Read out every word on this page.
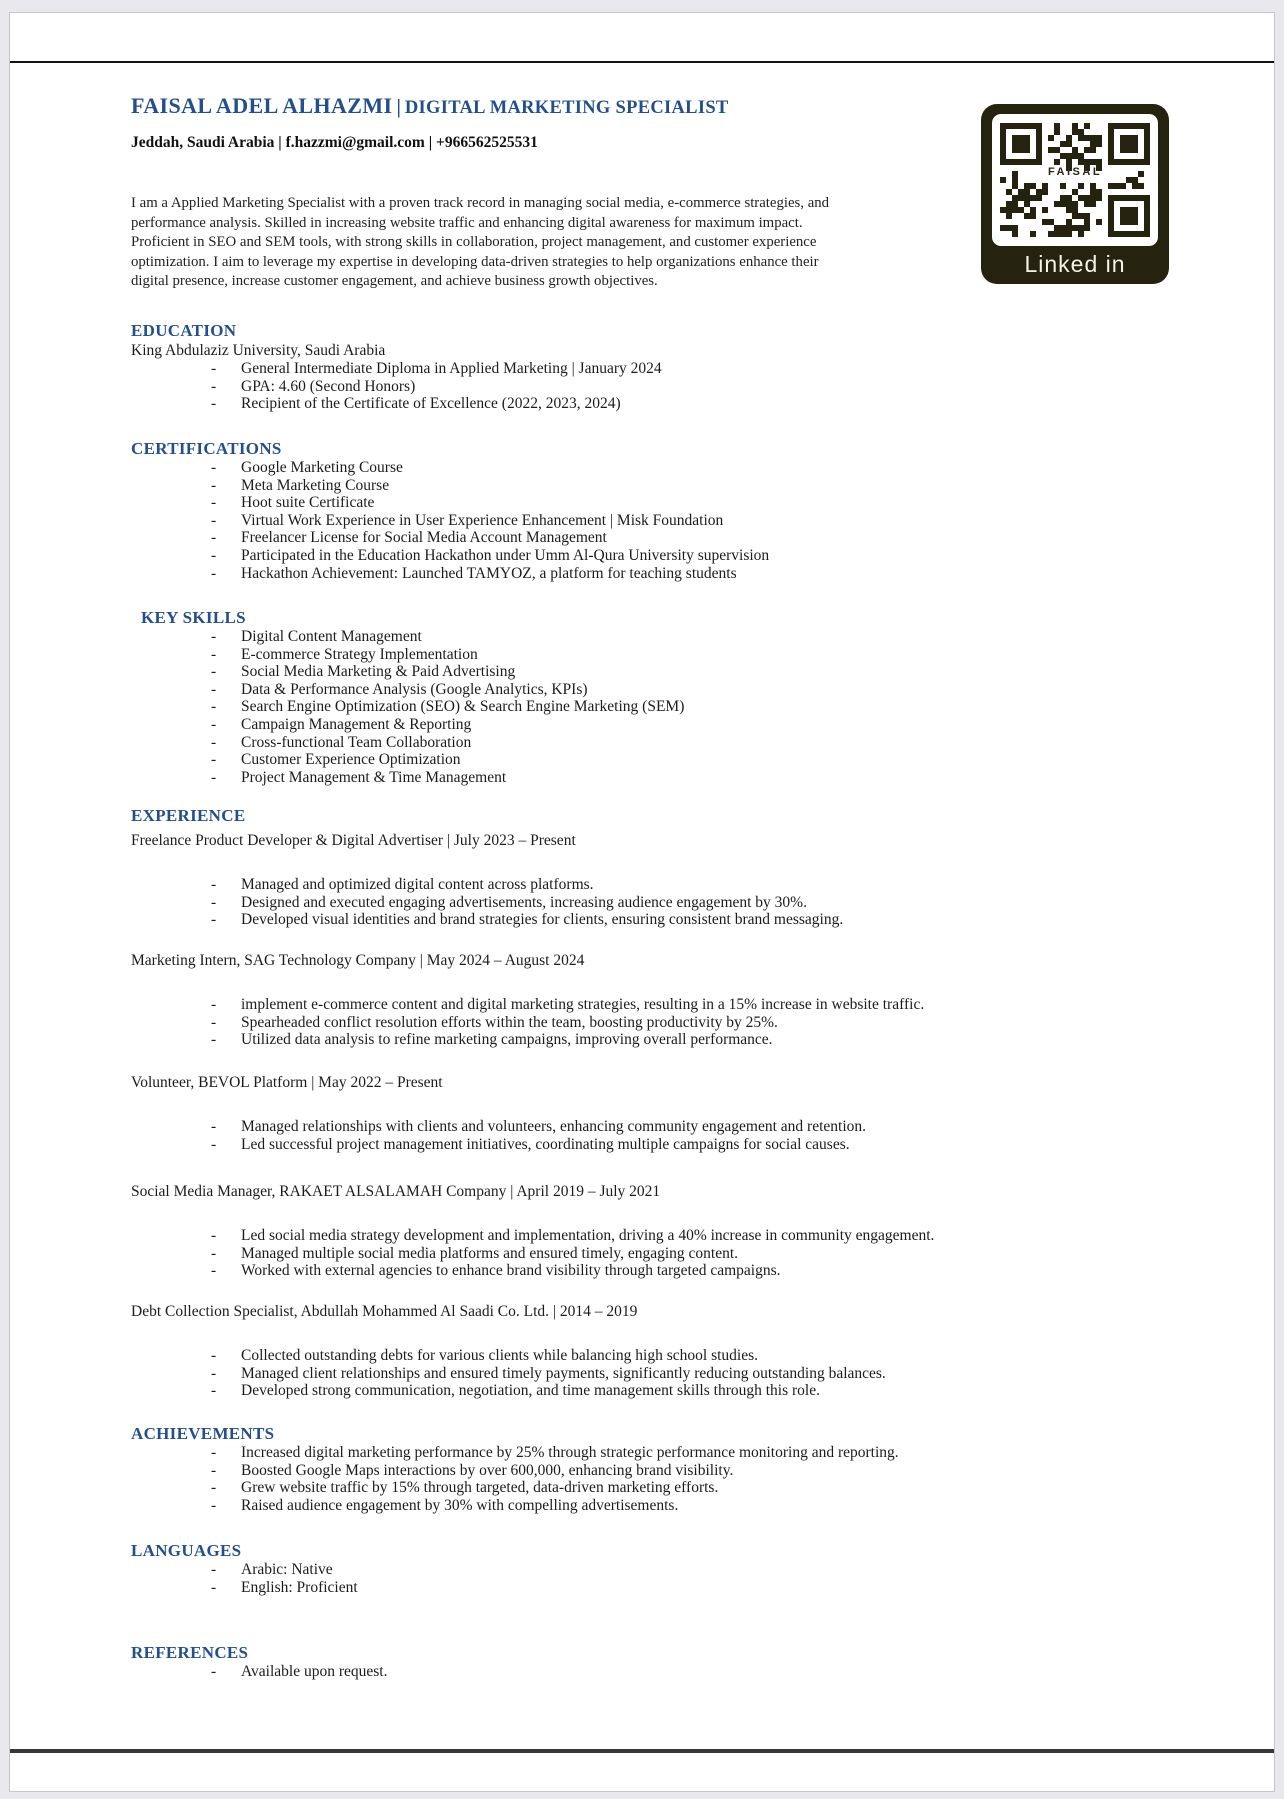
FAISAL ADEL ALHAZMI | DIGITAL MARKETING SPECIALIST
Jeddah, Saudi Arabia | f.hazzmi@gmail.com | +966562525531
I am a Applied Marketing Specialist with a proven track record in managing social media, e-commerce strategies, and performance analysis. Skilled in increasing website traffic and enhancing digital awareness for maximum impact. Proficient in SEO and SEM tools, with strong skills in collaboration, project management, and customer experience optimization. I aim to leverage my expertise in developing data-driven strategies to help organizations enhance their digital presence, increase customer engagement, and achieve business growth objectives.
FAISAL
Linked in
EDUCATION
King Abdulaziz University, Saudi Arabia
- General Intermediate Diploma in Applied Marketing | January 2024
- GPA: 4.60 (Second Honors)
- Recipient of the Certificate of Excellence (2022, 2023, 2024)
CERTIFICATIONS
- Google Marketing Course
- Meta Marketing Course
- Hoot suite Certificate
- Virtual Work Experience in User Experience Enhancement | Misk Foundation
- Freelancer License for Social Media Account Management
- Participated in the Education Hackathon under Umm Al-Qura University supervision
- Hackathon Achievement: Launched TAMYOZ, a platform for teaching students
KEY SKILLS
- Digital Content Management
- E-commerce Strategy Implementation
- Social Media Marketing & Paid Advertising
- Data & Performance Analysis (Google Analytics, KPIs)
- Search Engine Optimization (SEO) & Search Engine Marketing (SEM)
- Campaign Management & Reporting
- Cross-functional Team Collaboration
- Customer Experience Optimization
- Project Management & Time Management
EXPERIENCE
Freelance Product Developer & Digital Advertiser | July 2023 – Present
- Managed and optimized digital content across platforms.
- Designed and executed engaging advertisements, increasing audience engagement by 30%.
- Developed visual identities and brand strategies for clients, ensuring consistent brand messaging.
Marketing Intern, SAG Technology Company | May 2024 – August 2024
- implement e-commerce content and digital marketing strategies, resulting in a 15% increase in website traffic.
- Spearheaded conflict resolution efforts within the team, boosting productivity by 25%.
- Utilized data analysis to refine marketing campaigns, improving overall performance.
Volunteer, BEVOL Platform | May 2022 – Present
- Managed relationships with clients and volunteers, enhancing community engagement and retention.
- Led successful project management initiatives, coordinating multiple campaigns for social causes.
Social Media Manager, RAKAET ALSALAMAH Company | April 2019 – July 2021
- Led social media strategy development and implementation, driving a 40% increase in community engagement.
- Managed multiple social media platforms and ensured timely, engaging content.
- Worked with external agencies to enhance brand visibility through targeted campaigns.
Debt Collection Specialist, Abdullah Mohammed Al Saadi Co. Ltd. | 2014 – 2019
- Collected outstanding debts for various clients while balancing high school studies.
- Managed client relationships and ensured timely payments, significantly reducing outstanding balances.
- Developed strong communication, negotiation, and time management skills through this role.
ACHIEVEMENTS
- Increased digital marketing performance by 25% through strategic performance monitoring and reporting.
- Boosted Google Maps interactions by over 600,000, enhancing brand visibility.
- Grew website traffic by 15% through targeted, data-driven marketing efforts.
- Raised audience engagement by 30% with compelling advertisements.
LANGUAGES
- Arabic: Native
- English: Proficient
REFERENCES
- Available upon request.
